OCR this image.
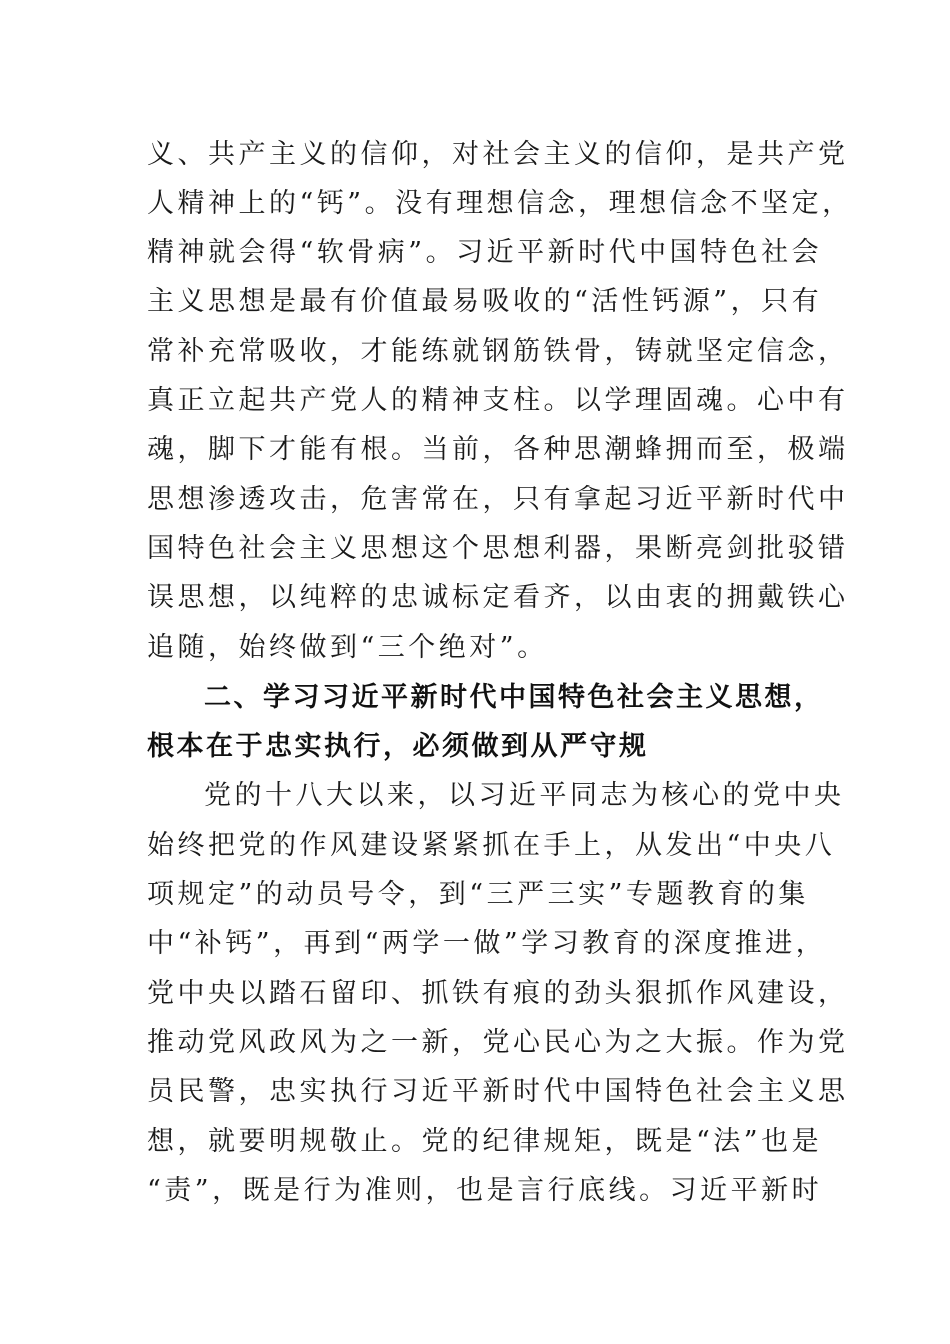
义、共产主义的信仰，对社会主义的信仰，是共产党
人精神上的“钙”。没有理想信念，理想信念不坚定，
精神就会得“软骨病”。习近平新时代中国特色社会
主义思想是最有价值最易吸收的“活性钙源”，只有
常补充常吸收，才能练就钢筋铁骨，铸就坚定信念，
真正立起共产党人的精神支柱。以学理固魂。心中有
魂，脚下才能有根。当前，各种思潮蜂拥而至，极端
思想渗透攻击，危害常在，只有拿起习近平新时代中
国特色社会主义思想这个思想利器，果断亮剑批驳错
误思想，以纯粹的忠诚标定看齐，以由衷的拥戴铁心
追随，始终做到“三个绝对”。
二、学习习近平新时代中国特色社会主义思想，
根本在于忠实执行，必须做到从严守规
党的十八大以来，以习近平同志为核心的党中央
始终把党的作风建设紧紧抓在手上，从发出“中央八
项规定”的动员号令，到“三严三实”专题教育的集
中“补钙”，再到“两学一做”学习教育的深度推进，
党中央以踏石留印、抓铁有痕的劲头狠抓作风建设，
推动党风政风为之一新，党心民心为之大振。作为党
员民警，忠实执行习近平新时代中国特色社会主义思
想，就要明规敬止。党的纪律规矩，既是“法”也是
“责”，既是行为准则，也是言行底线。习近平新时
